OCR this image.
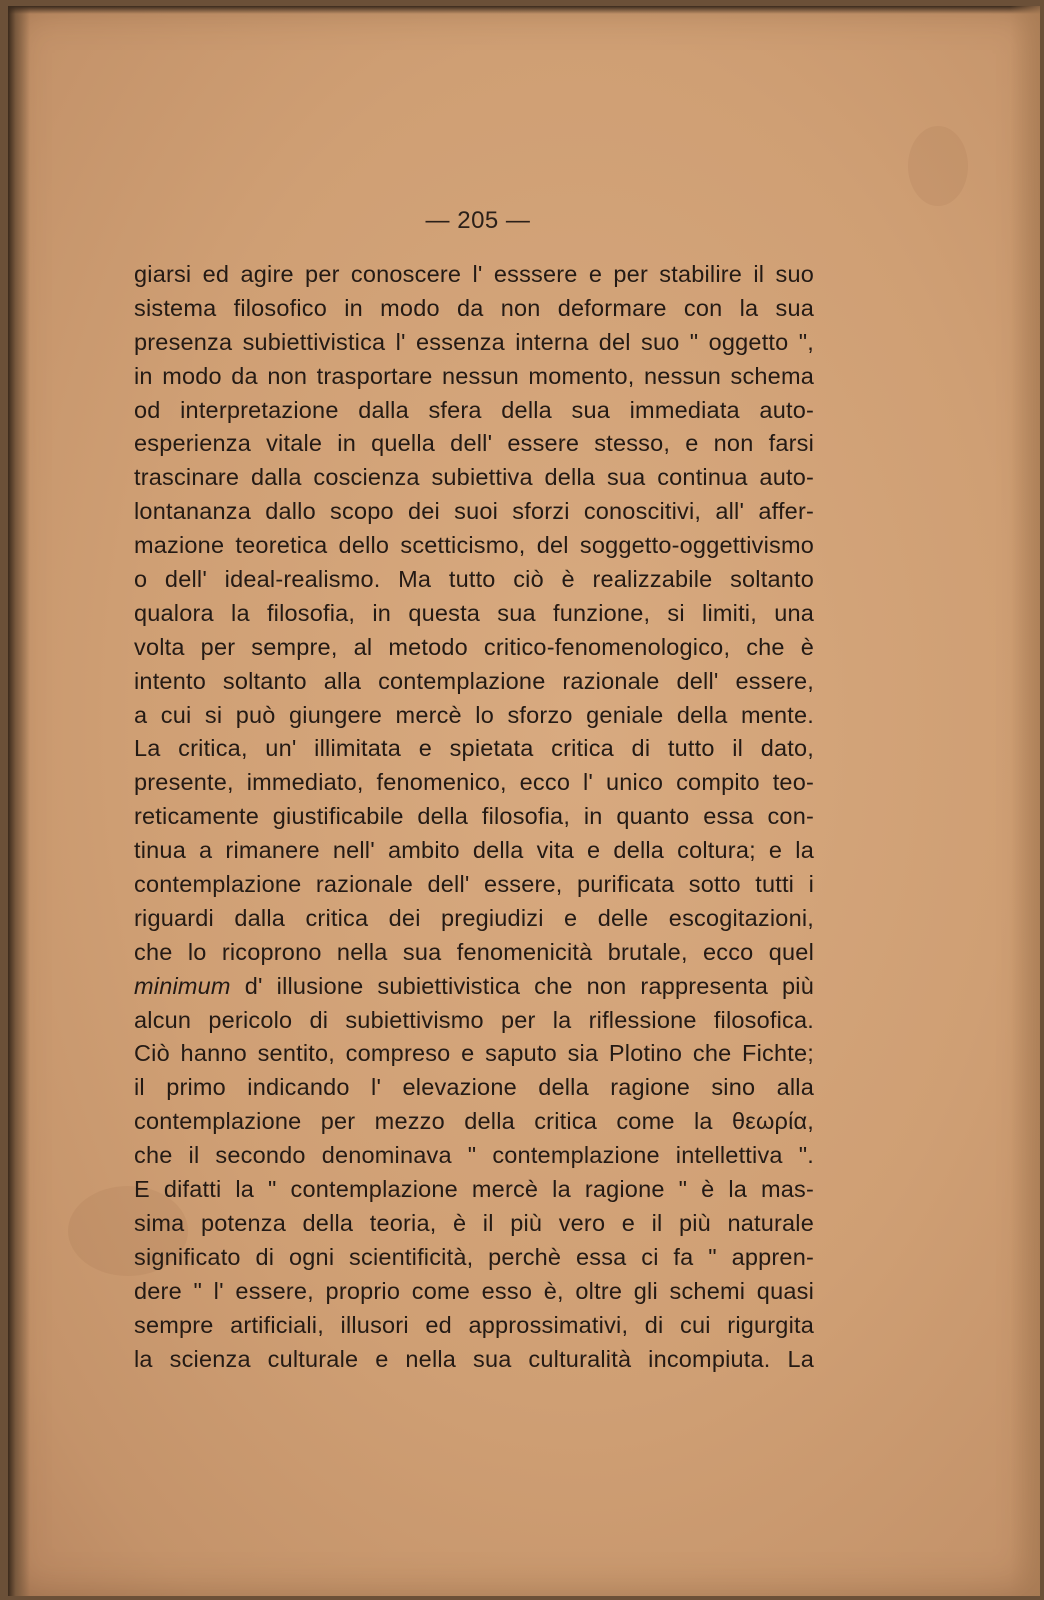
— 205 —
giarsi ed agire per conoscere l' esssere e per stabilire il suo
sistema filosofico in modo da non deformare con la sua
presenza subiettivistica l' essenza interna del suo " oggetto ",
in modo da non trasportare nessun momento, nessun schema
od interpretazione dalla sfera della sua immediata auto-
esperienza vitale in quella dell' essere stesso, e non farsi
trascinare dalla coscienza subiettiva della sua continua auto-
lontananza dallo scopo dei suoi sforzi conoscitivi, all' affer-
mazione teoretica dello scetticismo, del soggetto-oggettivismo
o dell' ideal-realismo. Ma tutto ciò è realizzabile soltanto
qualora la filosofia, in questa sua funzione, si limiti, una
volta per sempre, al metodo critico-fenomenologico, che è
intento soltanto alla contemplazione razionale dell' essere,
a cui si può giungere mercè lo sforzo geniale della mente.
La critica, un' illimitata e spietata critica di tutto il dato,
presente, immediato, fenomenico, ecco l' unico compito teo-
reticamente giustificabile della filosofia, in quanto essa con-
tinua a rimanere nell' ambito della vita e della coltura; e la
contemplazione razionale dell' essere, purificata sotto tutti i
riguardi dalla critica dei pregiudizi e delle escogitazioni,
che lo ricoprono nella sua fenomenicità brutale, ecco quel
minimum d' illusione subiettivistica che non rappresenta più
alcun pericolo di subiettivismo per la riflessione filosofica.
Ciò hanno sentito, compreso e saputo sia Plotino che Fichte;
il primo indicando l' elevazione della ragione sino alla
contemplazione per mezzo della critica come la θεωρία,
che il secondo denominava " contemplazione intellettiva ".
E difatti la " contemplazione mercè la ragione " è la mas-
sima potenza della teoria, è il più vero e il più naturale
significato di ogni scientificità, perchè essa ci fa " appren-
dere " l' essere, proprio come esso è, oltre gli schemi quasi
sempre artificiali, illusori ed approssimativi, di cui rigurgita
la scienza culturale e nella sua culturalità incompiuta. La
